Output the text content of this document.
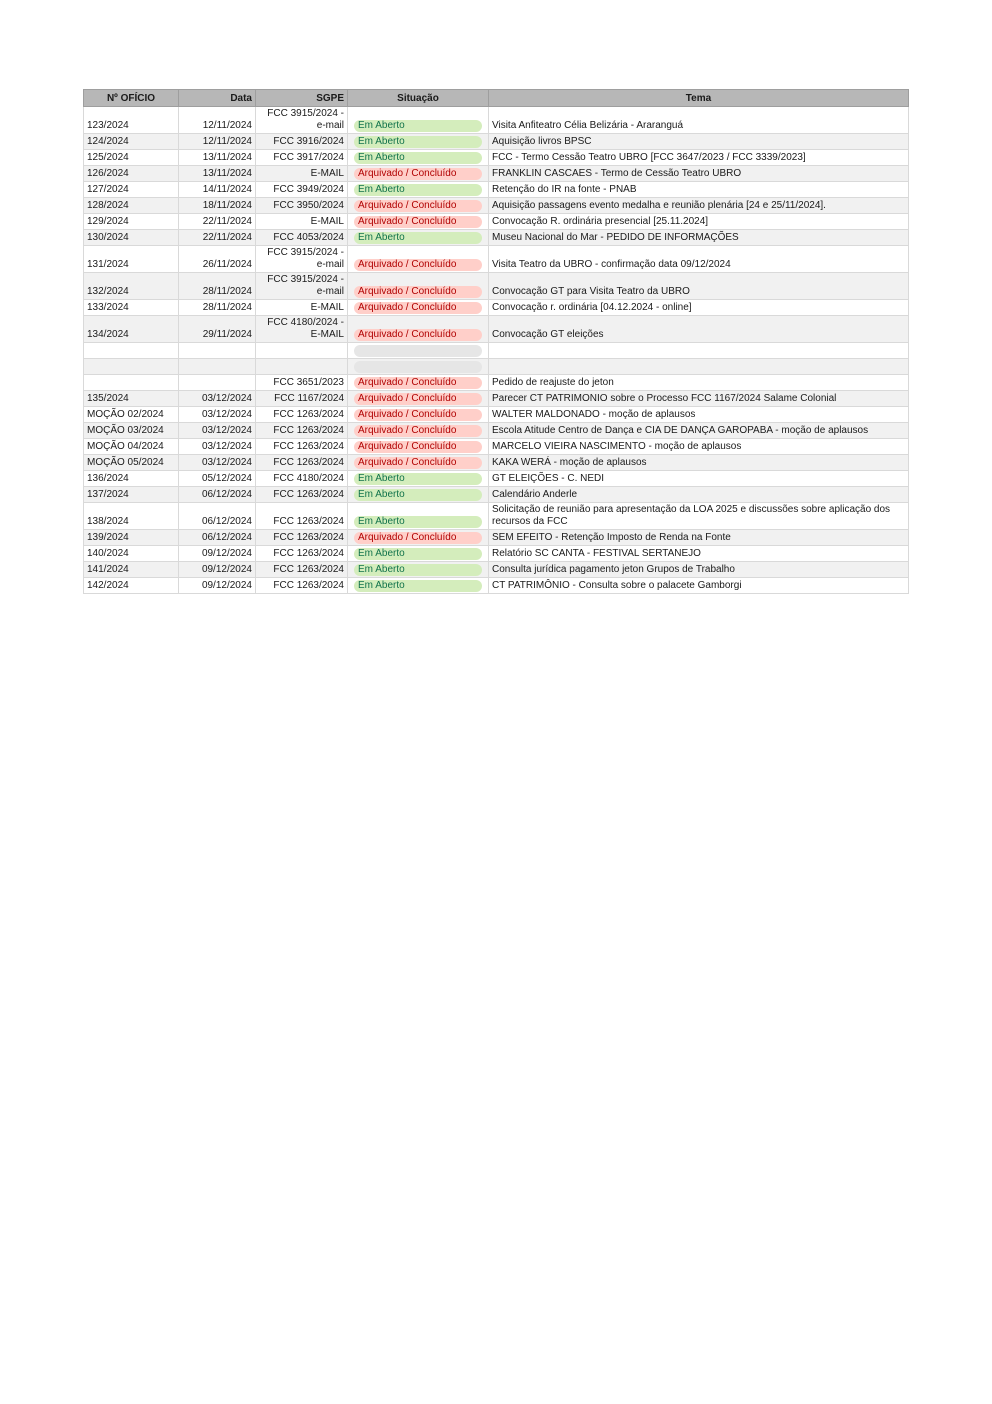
Nº OFÍCIO	Data	SGPE	Situação	Tema
123/2024	12/11/2024	FCC 3915/2024 - e-mail	Em Aberto	Visita Anfiteatro Célia Belizária - Araranguá
124/2024	12/11/2024	FCC 3916/2024	Em Aberto	Aquisição livros BPSC
125/2024	13/11/2024	FCC 3917/2024	Em Aberto	FCC - Termo Cessão Teatro UBRO [FCC 3647/2023 / FCC 3339/2023]
126/2024	13/11/2024	E-MAIL	Arquivado / Concluído	FRANKLIN CASCAES - Termo de Cessão Teatro UBRO
127/2024	14/11/2024	FCC 3949/2024	Em Aberto	Retenção do IR na fonte - PNAB
128/2024	18/11/2024	FCC 3950/2024	Arquivado / Concluído	Aquisição passagens evento medalha e reunião plenária [24 e 25/11/2024].
129/2024	22/11/2024	E-MAIL	Arquivado / Concluído	Convocação R. ordinária presencial [25.11.2024]
130/2024	22/11/2024	FCC 4053/2024	Em Aberto	Museu Nacional do Mar - PEDIDO DE INFORMAÇÕES
131/2024	26/11/2024	FCC 3915/2024 - e-mail	Arquivado / Concluído	Visita Teatro da UBRO - confirmação data 09/12/2024
132/2024	28/11/2024	FCC 3915/2024 - e-mail	Arquivado / Concluído	Convocação GT para Visita Teatro da UBRO
133/2024	28/11/2024	E-MAIL	Arquivado / Concluído	Convocação r. ordinária [04.12.2024 - online]
134/2024	29/11/2024	FCC 4180/2024 - E-MAIL	Arquivado / Concluído	Convocação GT eleições

		FCC 3651/2023	Arquivado / Concluído	Pedido de reajuste do jeton
135/2024	03/12/2024	FCC 1167/2024	Arquivado / Concluído	Parecer CT PATRIMONIO sobre o Processo FCC 1167/2024 Salame Colonial
MOÇÃO 02/2024	03/12/2024	FCC 1263/2024	Arquivado / Concluído	WALTER MALDONADO - moção de aplausos
MOÇÃO 03/2024	03/12/2024	FCC 1263/2024	Arquivado / Concluído	Escola Atitude Centro de Dança e CIA DE DANÇA GAROPABA - moção de aplausos
MOÇÃO 04/2024	03/12/2024	FCC 1263/2024	Arquivado / Concluído	MARCELO VIEIRA NASCIMENTO - moção de aplausos
MOÇÃO 05/2024	03/12/2024	FCC 1263/2024	Arquivado / Concluído	KAKA WERÁ - moção de aplausos
136/2024	05/12/2024	FCC 4180/2024	Em Aberto	GT ELEIÇÕES - C. NEDI
137/2024	06/12/2024	FCC 1263/2024	Em Aberto	Calendário Anderle
138/2024	06/12/2024	FCC 1263/2024	Em Aberto	Solicitação de reunião para apresentação da LOA 2025 e discussões sobre aplicação dos recursos da FCC
139/2024	06/12/2024	FCC 1263/2024	Arquivado / Concluído	SEM EFEITO - Retenção Imposto de Renda na Fonte
140/2024	09/12/2024	FCC 1263/2024	Em Aberto	Relatório SC CANTA - FESTIVAL SERTANEJO
141/2024	09/12/2024	FCC 1263/2024	Em Aberto	Consulta jurídica pagamento jeton Grupos de Trabalho
142/2024	09/12/2024	FCC 1263/2024	Em Aberto	CT PATRIMÔNIO - Consulta sobre o palacete Gamborgi
